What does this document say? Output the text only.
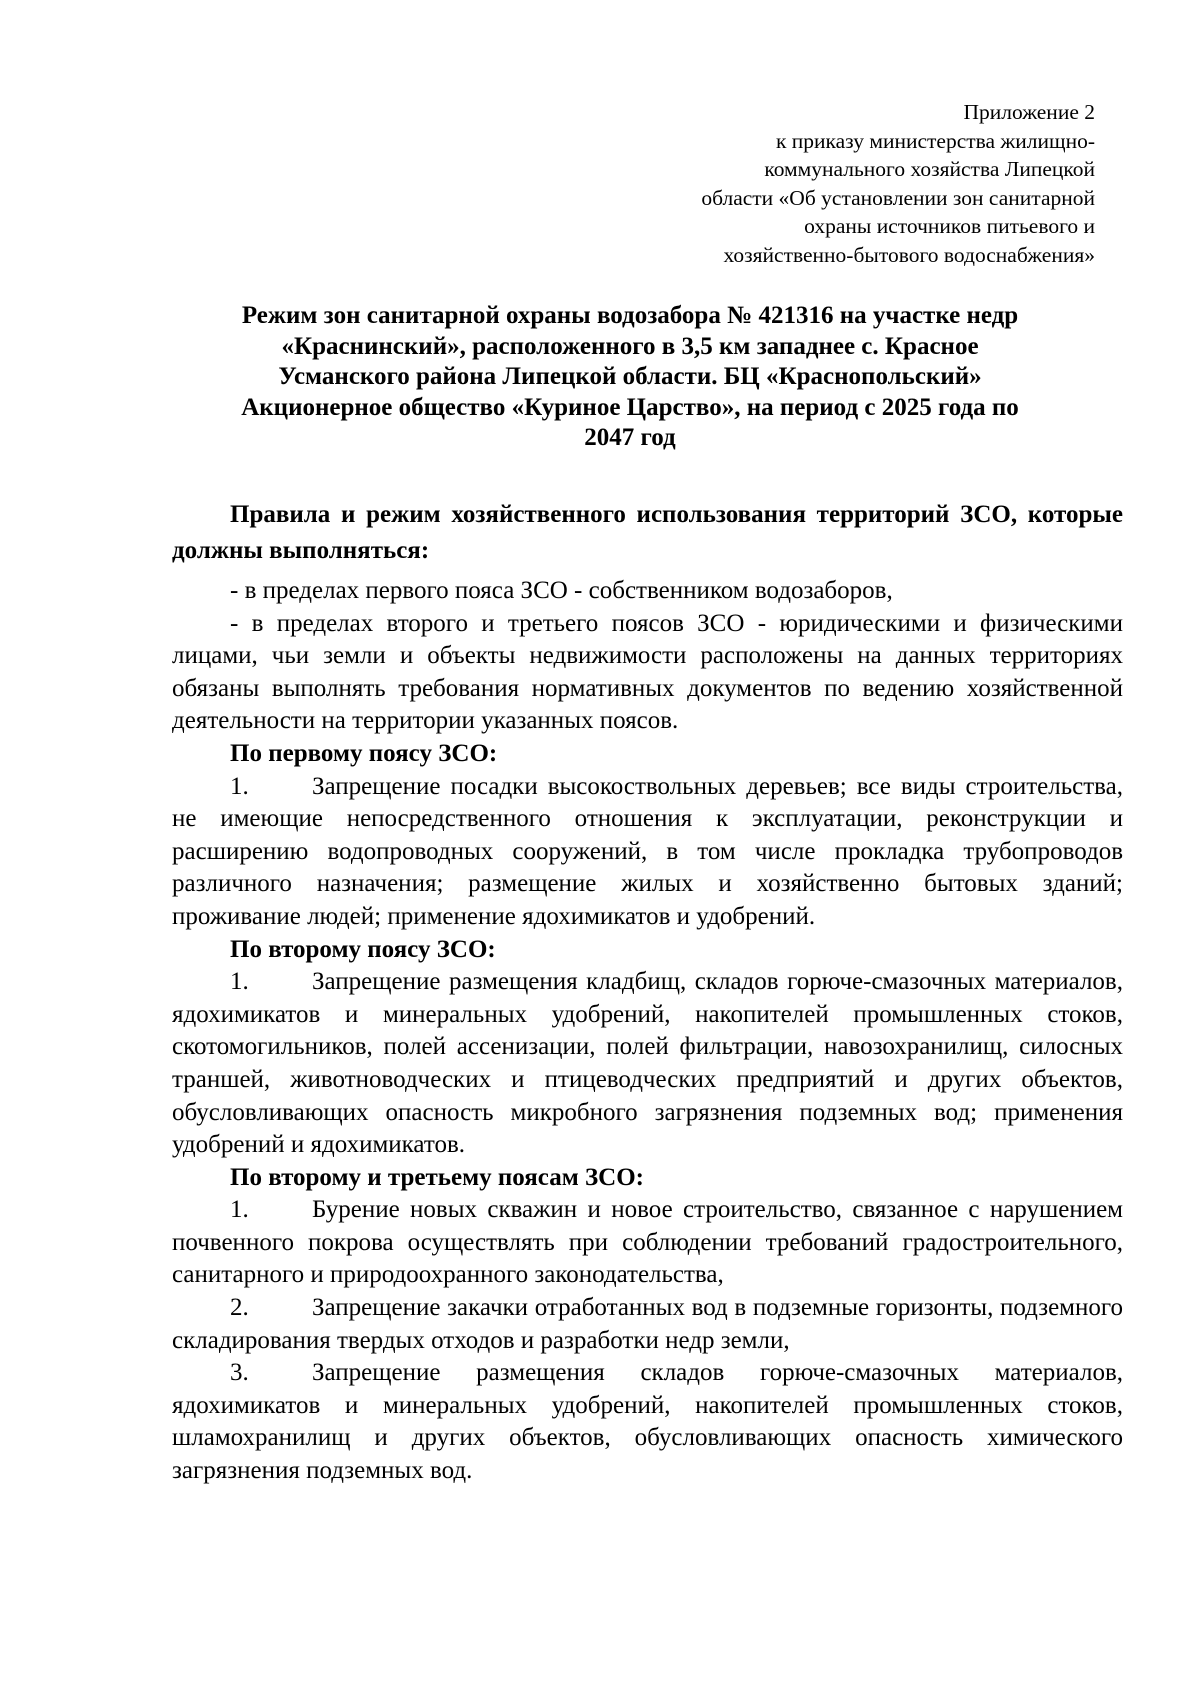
Приложение 2
к приказу министерства жилищно-
коммунального хозяйства Липецкой
области «Об установлении зон санитарной
охраны источников питьевого и
хозяйственно-бытового водоснабжения»
Режим зон санитарной охраны водозабора № 421316 на участке недр
«Краснинский», расположенного в 3,5 км западнее с. Красное
Усманского района Липецкой области. БЦ «Краснопольский»
Акционерное общество «Куриное Царство», на период с 2025 года по
2047 год

Правила и режим хозяйственного использования территорий ЗСО, которые должны выполняться:

- в пределах первого пояса ЗСО - собственником водозаборов,

- в пределах второго и третьего поясов ЗСО - юридическими и физическими лицами, чьи земли и объекты недвижимости расположены на данных территориях обязаны выполнять требования нормативных документов по ведению хозяйственной деятельности на территории указанных поясов.

По первому поясу ЗСО:

1.	Запрещение посадки высокоствольных деревьев; все виды строительства, не имеющие непосредственного отношения к эксплуатации, реконструкции и расширению водопроводных сооружений, в том числе прокладка трубопроводов различного назначения; размещение жилых и хозяйственно бытовых зданий; проживание людей; применение ядохимикатов и удобрений.

По второму поясу ЗСО:

1.	Запрещение размещения кладбищ, складов горюче-смазочных материалов, ядохимикатов и минеральных удобрений, накопителей промышленных стоков, скотомогильников, полей ассенизации, полей фильтрации, навозохранилищ, силосных траншей, животноводческих и птицеводческих предприятий и других объектов, обусловливающих опасность микробного загрязнения подземных вод; применения удобрений и ядохимикатов.

По второму и третьему поясам ЗСО:

1.	Бурение новых скважин и новое строительство, связанное с нарушением почвенного покрова осуществлять при соблюдении требований градостроительного, санитарного и природоохранного законодательства,

2.	Запрещение закачки отработанных вод в подземные горизонты, подземного складирования твердых отходов и разработки недр земли,

3.	Запрещение размещения складов горюче-смазочных материалов, ядохимикатов и минеральных удобрений, накопителей промышленных стоков, шламохранилищ и других объектов, обусловливающих опасность химического загрязнения подземных вод.
